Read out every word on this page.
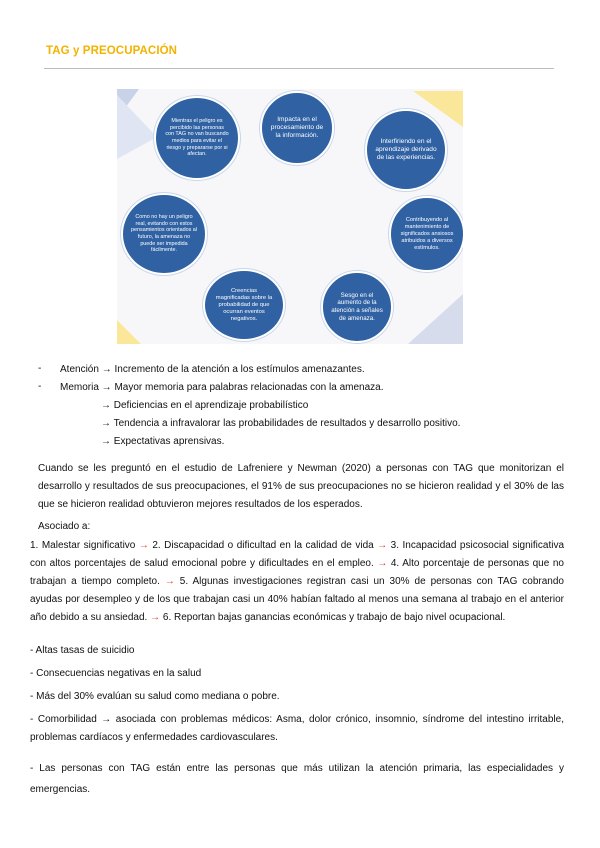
TAG y PREOCUPACIÓN
Impacta en el procesamiento de la información.
Interfiriendo en el aprendizaje derivado de las experiencias.
Contribuyendo al mantenimiento de significados ansiosos atribuidos a diversos estímulos.
Sesgo en el aumento de la atención a señales de amenaza.
Creencias magnificadas sobre la probabilidad de que ocurran eventos negativos.
Como no hay un peligro real, evitando con estos pensamientos orientados al futuro, la amenaza no puede ser impedida fácilmente.
Mientras el peligro es percibido las personas con TAG no van buscando medios para evitar el riesgo y prepararse por si afectan.
- Atención → Incremento de la atención a los estímulos amenazantes.
- Memoria → Mayor memoria para palabras relacionadas con la amenaza.
→ Deficiencias en el aprendizaje probabilístico
→ Tendencia a infravalorar las probabilidades de resultados y desarrollo positivo.
→ Expectativas aprensivas.
Cuando se les preguntó en el estudio de Lafreniere y Newman (2020) a personas con TAG que monitorizan el desarrollo y resultados de sus preocupaciones, el 91% de sus preocupaciones no se hicieron realidad y el 30% de las que se hicieron realidad obtuvieron mejores resultados de los esperados.
Asociado a:
1. Malestar significativo → 2. Discapacidad o dificultad en la calidad de vida → 3. Incapacidad psicosocial significativa con altos porcentajes de salud emocional pobre y dificultades en el empleo. → 4. Alto porcentaje de personas que no trabajan a tiempo completo. → 5. Algunas investigaciones registran casi un 30% de personas con TAG cobrando ayudas por desempleo y de los que trabajan casi un 40% habían faltado al menos una semana al trabajo en el anterior año debido a su ansiedad. → 6. Reportan bajas ganancias económicas y trabajo de bajo nivel ocupacional.
- Altas tasas de suicidio
- Consecuencias negativas en la salud
- Más del 30% evalúan su salud como mediana o pobre.
- Comorbilidad → asociada con problemas médicos: Asma, dolor crónico, insomnio, síndrome del intestino irritable, problemas cardíacos y enfermedades cardiovasculares.
- Las personas con TAG están entre las personas que más utilizan la atención primaria, las especialidades y emergencias.
